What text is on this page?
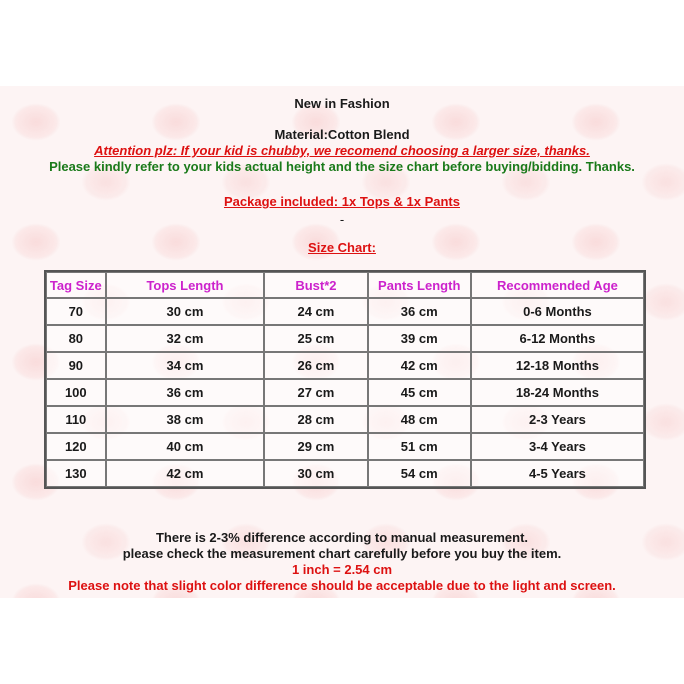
New in Fashion
Material:Cotton Blend
Attention plz: If your kid is chubby, we recomend choosing a larger size, thanks.
Please kindly refer to your kids actual height and the size chart before buying/bidding. Thanks.
Package included: 1x Tops & 1x Pants
-
Size Chart:
Tag Size	Tops Length	Bust*2	Pants Length	Recommended Age
70	30 cm	24 cm	36 cm	0-6 Months
80	32 cm	25 cm	39 cm	6-12 Months
90	34 cm	26 cm	42 cm	12-18 Months
100	36 cm	27 cm	45 cm	18-24 Months
110	38 cm	28 cm	48 cm	2-3 Years
120	40 cm	29 cm	51 cm	3-4 Years
130	42 cm	30 cm	54 cm	4-5 Years
There is 2-3% difference according to manual measurement.
please check the measurement chart carefully before you buy the item.
1 inch = 2.54 cm
Please note that slight color difference should be acceptable due to the light and screen.
